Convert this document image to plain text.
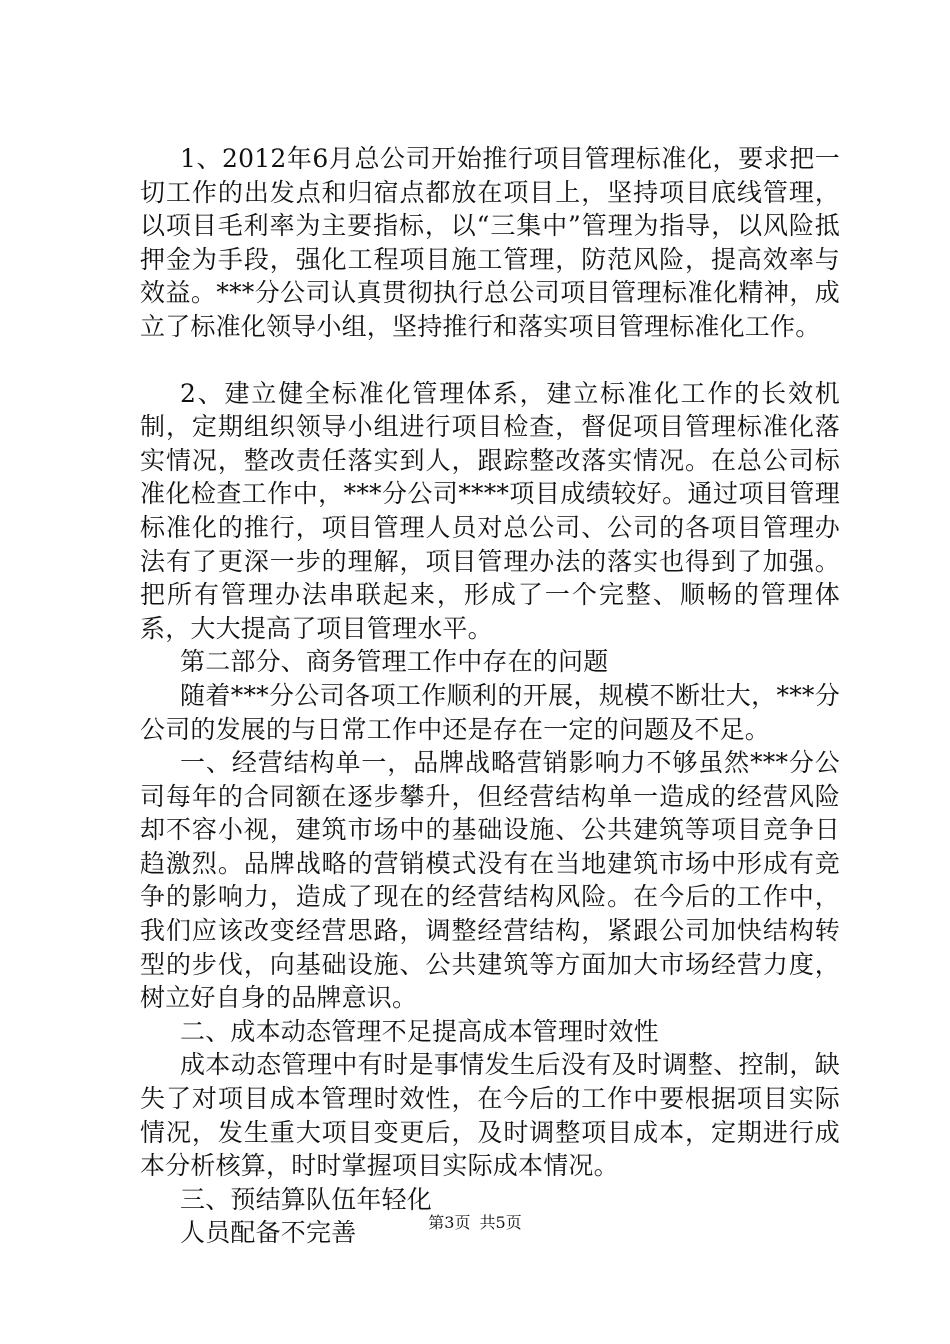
1、2012年6月总公司开始推行项目管理标准化，要求把一切工作的出发点和归宿点都放在项目上，坚持项目底线管理，以项目毛利率为主要指标，以“三集中”管理为指导，以风险抵押金为手段，强化工程项目施工管理，防范风险，提高效率与效益。***分公司认真贯彻执行总公司项目管理标准化精神，成立了标准化领导小组，坚持推行和落实项目管理标准化工作。

2、建立健全标准化管理体系，建立标准化工作的长效机制，定期组织领导小组进行项目检查，督促项目管理标准化落实情况，整改责任落实到人，跟踪整改落实情况。在总公司标准化检查工作中，***分公司****项目成绩较好。通过项目管理标准化的推行，项目管理人员对总公司、公司的各项目管理办法有了更深一步的理解，项目管理办法的落实也得到了加强。把所有管理办法串联起来，形成了一个完整、顺畅的管理体系，大大提高了项目管理水平。

第二部分、商务管理工作中存在的问题

随着***分公司各项工作顺利的开展，规模不断壮大，***分公司的发展的与日常工作中还是存在一定的问题及不足。

一、经营结构单一，品牌战略营销影响力不够虽然***分公司每年的合同额在逐步攀升，但经营结构单一造成的经营风险却不容小视，建筑市场中的基础设施、公共建筑等项目竞争日趋激烈。品牌战略的营销模式没有在当地建筑市场中形成有竞争的影响力，造成了现在的经营结构风险。在今后的工作中，我们应该改变经营思路，调整经营结构，紧跟公司加快结构转型的步伐，向基础设施、公共建筑等方面加大市场经营力度，树立好自身的品牌意识。

二、成本动态管理不足提高成本管理时效性

成本动态管理中有时是事情发生后没有及时调整、控制，缺失了对项目成本管理时效性，在今后的工作中要根据项目实际情况，发生重大项目变更后，及时调整项目成本，定期进行成本分析核算，时时掌握项目实际成本情况。

三、预结算队伍年轻化

人员配备不完善	第3页 共5页
